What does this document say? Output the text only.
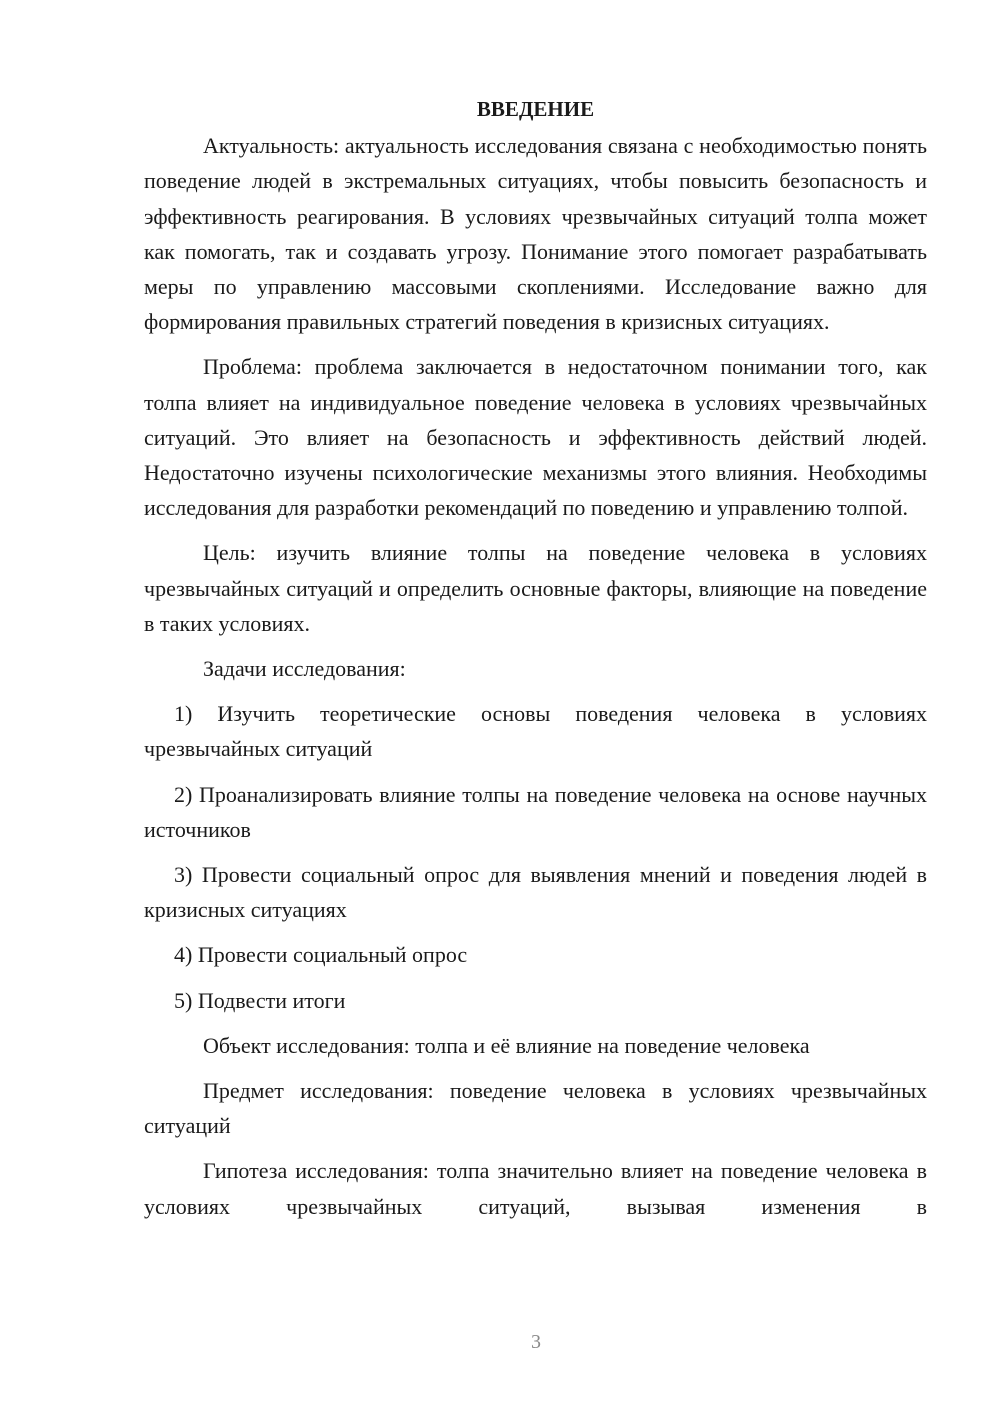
ВВЕДЕНИЕ

Актуальность: актуальность исследования связана с необходимостью понять поведение людей в экстремальных ситуациях, чтобы повысить безопасность и эффективность реагирования. В условиях чрезвычайных ситуаций толпа может как помогать, так и создавать угрозу. Понимание этого помогает разрабатывать меры по управлению массовыми скоплениями. Исследование важно для формирования правильных стратегий поведения в кризисных ситуациях.

Проблема: проблема заключается в недостаточном понимании того, как толпа влияет на индивидуальное поведение человека в условиях чрезвычайных ситуаций. Это влияет на безопасность и эффективность действий людей. Недостаточно изучены психологические механизмы этого влияния. Необходимы исследования для разработки рекомендаций по поведению и управлению толпой.

Цель: изучить влияние толпы на поведение человека в условиях чрезвычайных ситуаций и определить основные факторы, влияющие на поведение в таких условиях.

Задачи исследования:

1) Изучить теоретические основы поведения человека в условиях чрезвычайных ситуаций

2) Проанализировать влияние толпы на поведение человека на основе научных источников

3) Провести социальный опрос для выявления мнений и поведения людей в кризисных ситуациях

4) Провести социальный опрос

5) Подвести итоги

Объект исследования: толпа и её влияние на поведение человека

Предмет исследования: поведение человека в условиях чрезвычайных ситуаций

Гипотеза исследования: толпа значительно влияет на поведение человека в условиях чрезвычайных ситуаций, вызывая изменения в

3
